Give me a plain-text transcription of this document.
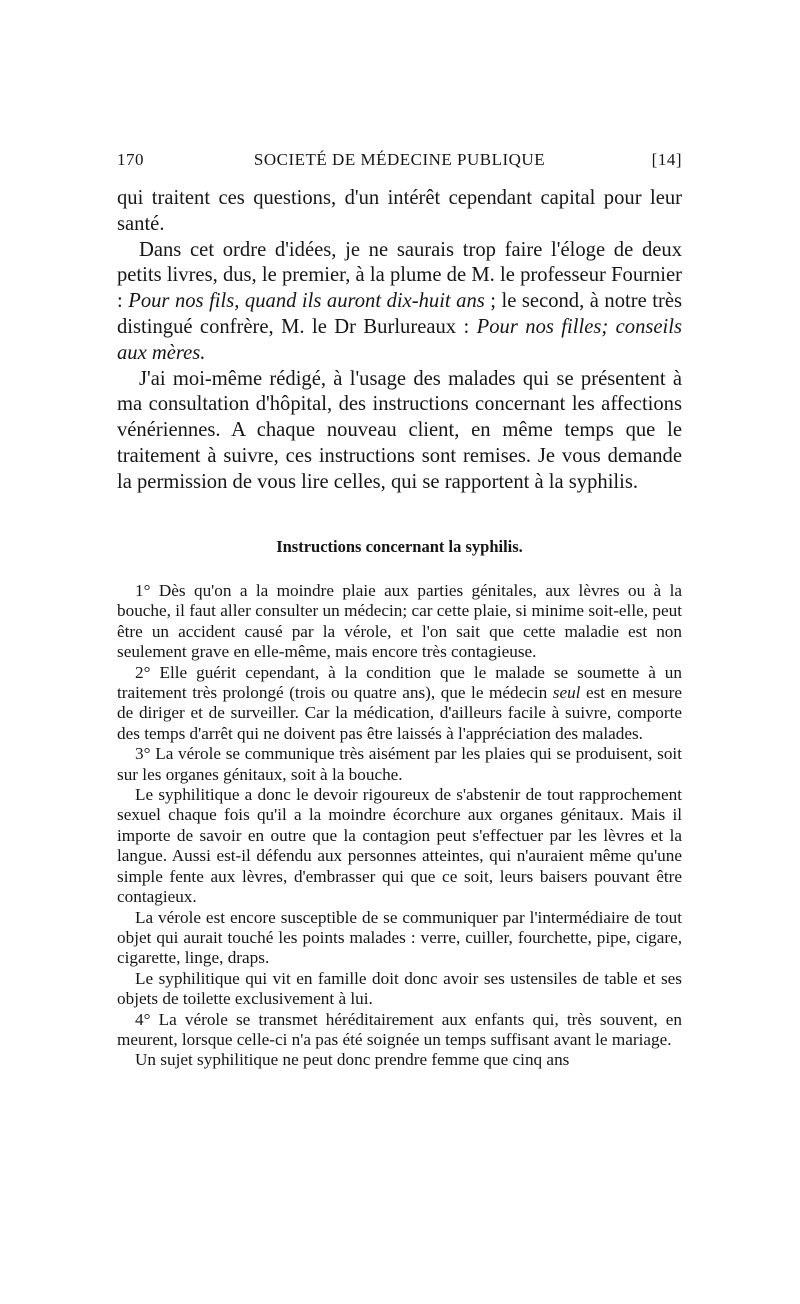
170	SOCIETÉ DE MÉDECINE PUBLIQUE	[14]

qui traitent ces questions, d'un intérêt cependant capital pour leur santé.

Dans cet ordre d'idées, je ne saurais trop faire l'éloge de deux petits livres, dus, le premier, à la plume de M. le professeur Fournier : Pour nos fils, quand ils auront dix-huit ans ; le second, à notre très distingué confrère, M. le Dr Burlureaux : Pour nos filles; conseils aux mères.

J'ai moi-même rédigé, à l'usage des malades qui se présentent à ma consultation d'hôpital, des instructions concernant les affections vénériennes. A chaque nouveau client, en même temps que le traitement à suivre, ces instructions sont remises. Je vous demande la permission de vous lire celles, qui se rapportent à la syphilis.

Instructions concernant la syphilis.

1° Dès qu'on a la moindre plaie aux parties génitales, aux lèvres ou à la bouche, il faut aller consulter un médecin; car cette plaie, si minime soit-elle, peut être un accident causé par la vérole, et l'on sait que cette maladie est non seulement grave en elle-même, mais encore très contagieuse.

2° Elle guérit cependant, à la condition que le malade se soumette à un traitement très prolongé (trois ou quatre ans), que le médecin seul est en mesure de diriger et de surveiller. Car la médication, d'ailleurs facile à suivre, comporte des temps d'arrêt qui ne doivent pas être laissés à l'appréciation des malades.

3° La vérole se communique très aisément par les plaies qui se produisent, soit sur les organes génitaux, soit à la bouche.

Le syphilitique a donc le devoir rigoureux de s'abstenir de tout rapprochement sexuel chaque fois qu'il a la moindre écorchure aux organes génitaux. Mais il importe de savoir en outre que la contagion peut s'effectuer par les lèvres et la langue. Aussi est-il défendu aux personnes atteintes, qui n'auraient même qu'une simple fente aux lèvres, d'embrasser qui que ce soit, leurs baisers pouvant être contagieux.

La vérole est encore susceptible de se communiquer par l'intermédiaire de tout objet qui aurait touché les points malades : verre, cuiller, fourchette, pipe, cigare, cigarette, linge, draps.

Le syphilitique qui vit en famille doit donc avoir ses ustensiles de table et ses objets de toilette exclusivement à lui.

4° La vérole se transmet héréditairement aux enfants qui, très souvent, en meurent, lorsque celle-ci n'a pas été soignée un temps suffisant avant le mariage.

Un sujet syphilitique ne peut donc prendre femme que cinq ans
